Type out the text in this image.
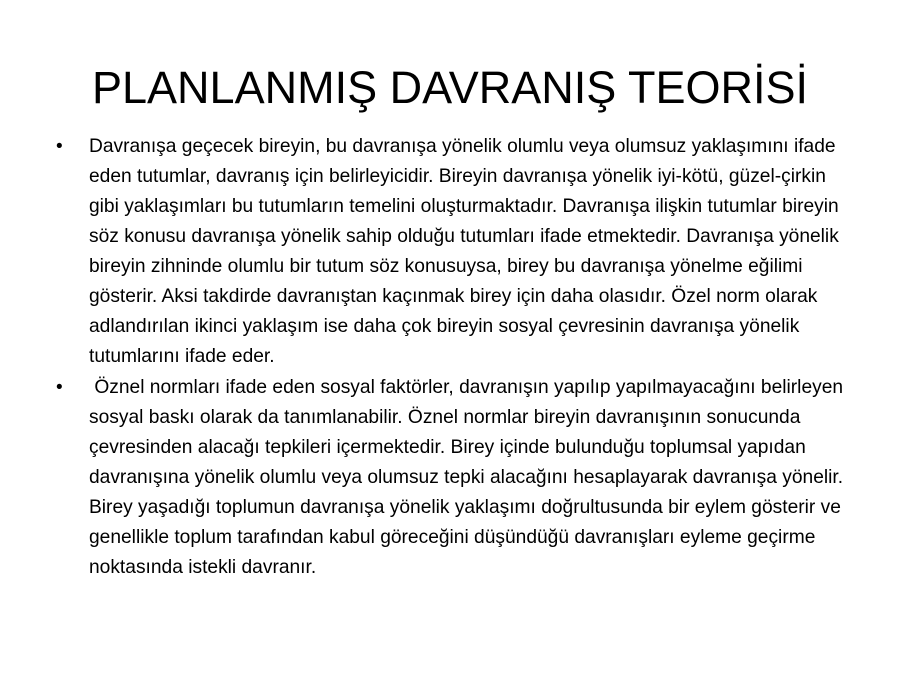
PLANLANMIŞ DAVRANIŞ TEORİSİ
• Davranışa geçecek bireyin, bu davranışa yönelik olumlu veya olumsuz yaklaşımını ifade eden tutumlar, davranış için belirleyicidir. Bireyin davranışa yönelik iyi-kötü, güzel-çirkin gibi yaklaşımları bu tutumların temelini oluşturmaktadır. Davranışa ilişkin tutumlar bireyin söz konusu davranışa yönelik sahip olduğu tutumları ifade etmektedir. Davranışa yönelik bireyin zihninde olumlu bir tutum söz konusuysa, birey bu davranışa yönelme eğilimi gösterir. Aksi takdirde davranıştan kaçınmak birey için daha olasıdır. Özel norm olarak adlandırılan ikinci yaklaşım ise daha çok bireyin sosyal çevresinin davranışa yönelik tutumlarını ifade eder.
• Öznel normları ifade eden sosyal faktörler, davranışın yapılıp yapılmayacağını belirleyen sosyal baskı olarak da tanımlanabilir. Öznel normlar bireyin davranışının sonucunda çevresinden alacağı tepkileri içermektedir. Birey içinde bulunduğu toplumsal yapıdan davranışına yönelik olumlu veya olumsuz tepki alacağını hesaplayarak davranışa yönelir. Birey yaşadığı toplumun davranışa yönelik yaklaşımı doğrultusunda bir eylem gösterir ve genellikle toplum tarafından kabul göreceğini düşündüğü davranışları eyleme geçirme noktasında istekli davranır.
